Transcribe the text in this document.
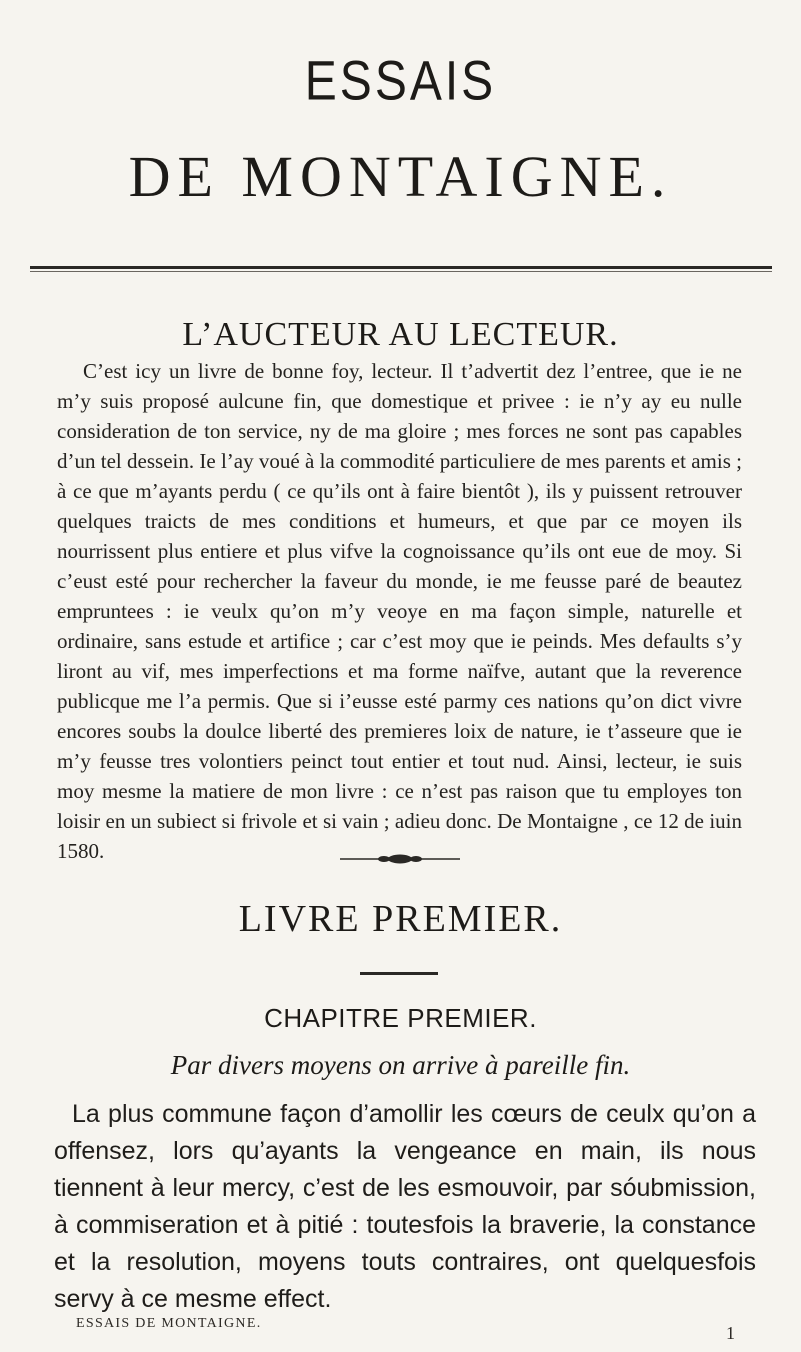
ESSAIS
DE MONTAIGNE.
L’AUCTEUR AU LECTEUR.

C’est icy un livre de bonne foy, lecteur. Il t’advertit dez l’entree, que ie ne m’y suis proposé aulcune fin, que domestique et privee : ie n’y ay eu nulle consideration de ton service, ny de ma gloire ; mes forces ne sont pas capables d’un tel dessein. Ie l’ay voué à la commodité particuliere de mes parents et amis ; à ce que m’ayants perdu ( ce qu’ils ont à faire bientôt ), ils y puissent retrouver quelques traicts de mes conditions et humeurs, et que par ce moyen ils nourrissent plus entiere et plus vifve la cognoissance qu’ils ont eue de moy. Si c’eust esté pour rechercher la faveur du monde, ie me feusse paré de beautez empruntees : ie veulx qu’on m’y veoye en ma façon simple, naturelle et ordinaire, sans estude et artifice ; car c’est moy que ie peinds. Mes defaults s’y liront au vif, mes imperfections et ma forme naïfve, autant que la reverence publicque me l’a permis. Que si i’eusse esté parmy ces nations qu’on dict vivre encores soubs la doulce liberté des premieres loix de nature, ie t’asseure que ie m’y feusse tres volontiers peinct tout entier et tout nud. Ainsi, lecteur, ie suis moy mesme la matiere de mon livre : ce n’est pas raison que tu employes ton loisir en un subiect si frivole et si vain ; adieu donc. De Montaigne , ce 12 de iuin 1580.

LIVRE PREMIER.
CHAPITRE PREMIER.
Par divers moyens on arrive à pareille fin.

La plus commune façon d’amollir les cœurs de ceulx qu’on a offensez, lors qu’ayants la vengeance en main, ils nous tiennent à leur mercy, c’est de les esmouvoir, par sóubmission, à commiseration et à pitié : toutesfois la braverie, la constance et la resolution, moyens touts contraires, ont quelquesfois servy à ce mesme effect.

ESSAIS DE MONTAIGNE.	1
